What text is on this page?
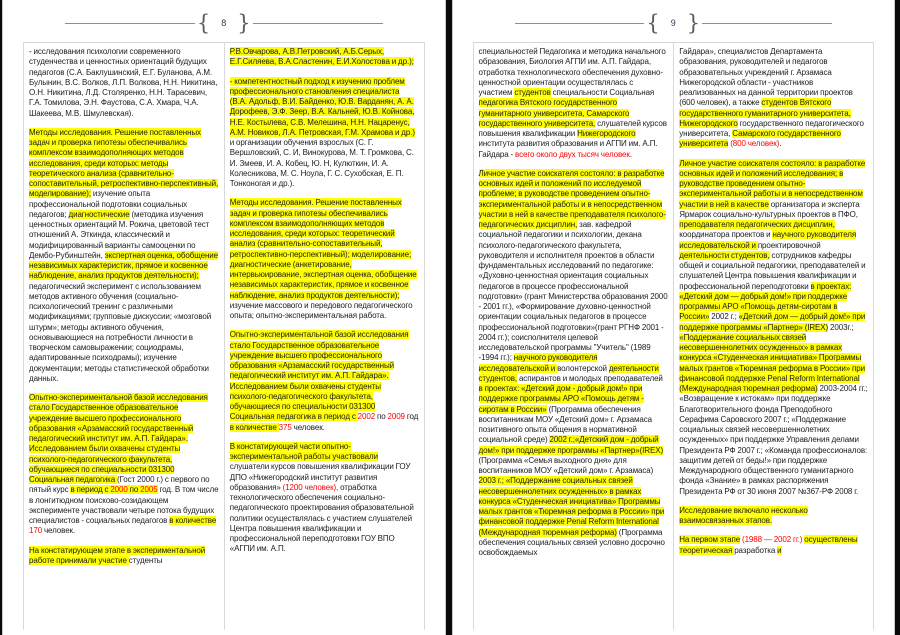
{ 8 }
- исследования психологии современного студенчества и ценностных ориентаций будущих педагогов (С.А. Баклушинский, Е.Г. Буланова, А.М. Булынин, В.С. Волков, Л.П. Волкова, Н.Н. Никитина, О.Н. Никитина, Л.Д. Столяренко, Н.Н. Тарасевич, Г.А. Томилова, Э.Н. Фаустова, С.А. Хмара, Ч.А. Шакеева, М.В. Шмулевская).
Методы исследования. Решение поставленных задач и проверка гипотезы обеспечивались комплексом взаимодополняющих методов исследования, среди которых: методы теоретического анализа (сравнительно-сопоставительный, ретроспективно-перспективный, моделирование); изучение опыта профессиональной подготовки социальных педагогов; диагностические (методика изучения ценностных ориентаций М. Рокича, цветовой тест отношений А. Эткинда, классический и модифицированный варианты самооценки по Дембо-Рубинштейн, экспертная оценка, обобщение независимых характеристик, прямое и косвенное наблюдение, анализ продуктов деятельности); педагогический эксперимент с использованием методов активного обучения (социально-психологический тренинг с различными модификациями; групповые дискуссии; «мозговой штурм»; методы активного обучения, основывающиеся на потребности личности в творческом самовыражении; социодрамы, адаптированные психодрамы); изучение документации; методы статистической обработки данных.
Опытно-экспериментальной базой исследования стало Государственное образовательное учреждение высшего профессионального образования «Арзамасский государственный педагогический институт им. А.П. Гайдара». Исследованием были охвачены студенты психолого-педагогического факультета, обучающиеся по специальности 031300 Социальная педагогика (Гост 2000 г.) с первого по пятый курс в период с 2000 по 2005 год. В том числе в лонгитюдном поисково-созидающем эксперименте участвовали четыре потока будущих специалистов - социальных педагогов в количестве 170 человек.
На констатирующем этапе в экспериментальной работе принимали участие студенты
Р.В.Овчарова, А.В.Петровский, А.Б.Серых, Е.Г.Силяева, В.А.Сластенин, Е.И.Холостова и др.);
- компетентностный подход к изучению проблем профессионального становления специалиста (В.А. Адольф, В.И. Байденко, Ю.В. Варданян, А. А. Дорофеев, Э.Ф. Зеер, В.А. Кальней, Ю.В. Койнова, Н.Е. Костылева, С.В. Мелешина, Н.Н. Нацаренус, А.М. Новиков, Л.А. Петровская, Г.М. Храмова и др.) и организации обучения взрослых (С. Г. Вершловский, С. И, Винокурова, М. Т. Громкова, С. И. Змеев, И. А. Кобец, Ю. Н, Кулюткин, И. А. Колесникова, М. С. Ноула, Г. С. Сухобская, Е. П. Тонконогая и др.).
Методы исследования. Решение поставленных задач и проверка гипотезы обеспечивались комплексом взаимодополняющих методов исследования, среди которых: теоретический анализ (сравнительно-сопоставительный, ретроспективно-перспективный); моделирование; диагностические (анкетирование, интервьюирование, экспертная оценка, обобщение независимых характеристик, прямое и косвенное наблюдение, анализ продуктов деятельности); изучение массового и передового педагогического опыта; опытно-экспериментальная работа.
Опытно-экспериментальной базой исследования стало Государственное образовательное учреждение высшего профессионального образования «Арзамасский государственный педагогический институт им. А.П. Гайдара». Исследованием были охвачены студенты психолого-педагогического факультета, обучающиеся по специальности 031300 Социальная педагогика в период с 2002 по 2009 год в количестве 375 человек.
В констатирующей части опытно-экспериментальной работы участвовали слушатели курсов повышения квалификации ГОУ ДПО «Нижегородский институт развития образования» (1200 человек), отработка технологического обеспечения социально-педагогического проектирования образовательной политики осуществлялась с участием слушателей Центра повышения квалификации и профессиональной переподготовки ГОУ ВПО «АГПИ им. А.П.
{ 9 }
специальностей Педагогика и методика начального образования, Биология АГПИ им. А.П. Гайдара, отработка технологического обеспечения духовно-ценностной ориентации осуществлялась с участием студентов специальности Социальная педагогика Вятского государственного гуманитарного университета, Самарского государственного университета, слушателей курсов повышения квалификации Нижегородского института развития образования и АГПИ им. А.П. Гайдара - всего около двух тысяч человек.
Личное участие соискателя состояло: в разработке основных идей и положений по исследуемой проблеме; в руководстве проведением опытно-экспериментальной работы и в непосредственном участии в ней в качестве преподавателя психолого-педагогических дисциплин, зав. кафедрой социальной педагогики и психологии, декана психолого-педагогического факультета, руководителя и исполнителя проектов в области фундаментальных исследований по педагогике: «Духовно-ценностная ориентация социальных педагогов в процессе профессиональной подготовки» (грант Министерства образования 2000 - 2001 гг.), «Формирование духовно-ценностной ориентации социальных педагогов в процессе профессиональной подготовки»(грант РГНФ 2001 - 2004 гг.); соисполнителя целевой исследовательской программы "Учитель" (1989 -1994 гг.); научного руководителя исследовательской и волонтерской деятельности студентов, аспирантов и молодых преподавателей в проектах: «Детский дом - добрый дом!» при поддержке программы АРО «Помощь детям - сиротам в России» (Программа обеспечения воспитанникам МОУ «Детский дом» г. Арзамаса позитивного опыта общения в нормативной социальной среде) 2002 г.;«Детский дом - добрый дом!» при поддержке программы «Партнер»(IREX) (Программа «Семья выходного дня» для воспитанников МОУ «Детский дом» г. Арзамаса) 2003 г.; «Поддержание социальных связей несовершеннолетних осужденных» в рамках конкурса «Студенческая инициатива» Программы малых грантов «Тюремная реформа в России» при финансовой поддержке Penal Reform International (Международная тюремная реформа) (Программа обеспечения социальных связей условно досрочно освобождаемых
Гайдара», специалистов Департамента образования, руководителей и педагогов образовательных учреждений г. Арзамаса Нижегородской области - участников реализованных на данной территории проектов (600 человек), а также студентов Вятского государственного гуманитарного университета, Нижегородского государственного педагогического университета, Самарского государственного университета (800 человек).
Личное участие соискателя состояло: в разработке основных идей и положений исследования; в руководстве проведением опытно-экспериментальной работы и в непосредственном участии в ней в качестве организатора и эксперта Ярмарок социально-культурных проектов в ПФО, преподавателя педагогических дисциплин, координатора проектов и научного руководителя исследовательской и проектировочной деятельности студентов, сотрудников кафедры общей и социальной педагогики, преподавателей и слушателей Центра повышения квалификации и профессиональной переподготовки в проектах: «Детский дом — добрый дом!» при поддержке программы АРО «Помощь детям-сиротам в России» 2002 г.; «Детский дом — добрый дом!» при поддержке программы «Партнер» (IREX) 2003г.; «Поддержание социальных связей несовершеннолетних осужденных» в рамках конкурса «Студенческая инициатива» Программы малых грантов «Тюремная реформа в России» при финансовой поддержке Penal Reform International (Международная тюремная реформа) 2003-2004 гг.; «Возвращение к истокам» при поддержке Благотворительного фонда Преподобного Серафима Саровского 2007 г.; «Поддержание социальных связей несовершеннолетних осужденных» при поддержке Управления делами Президента РФ 2007 г.; «Команда профессионалов: защитим детей от беды!» при поддержке Международного общественного гуманитарного фонда «Знание» в рамках распоряжения Президента РФ от 30 июня 2007 №367-РФ 2008 г.
Исследование включало несколько взаимосвязанных этапов.
На первом этапе (1988 — 2002 гг.) осуществлены теоретическая разработка и
